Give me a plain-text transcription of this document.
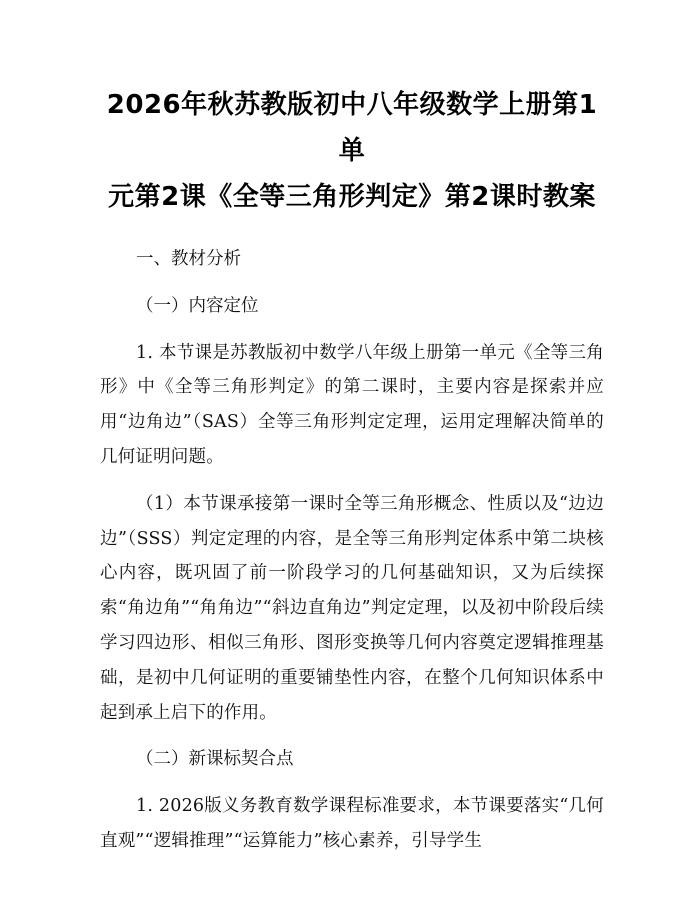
2026年秋苏教版初中八年级数学上册第1单
元第2课《全等三角形判定》第2课时教案

一、教材分析

（一）内容定位

1. 本节课是苏教版初中数学八年级上册第一单元《全等三角形》中《全等三角形判定》的第二课时，主要内容是探索并应用“边角边”（SAS）全等三角形判定定理，运用定理解决简单的几何证明问题。

（1）本节课承接第一课时全等三角形概念、性质以及“边边边”（SSS）判定定理的内容，是全等三角形判定体系中第二块核心内容，既巩固了前一阶段学习的几何基础知识，又为后续探索“角边角”“角角边”“斜边直角边”判定定理，以及初中阶段后续学习四边形、相似三角形、图形变换等几何内容奠定逻辑推理基础，是初中几何证明的重要铺垫性内容，在整个几何知识体系中起到承上启下的作用。

（二）新课标契合点

1. 2026版义务教育数学课程标准要求，本节课要落实“几何直观”“逻辑推理”“运算能力”核心素养，引导学生
